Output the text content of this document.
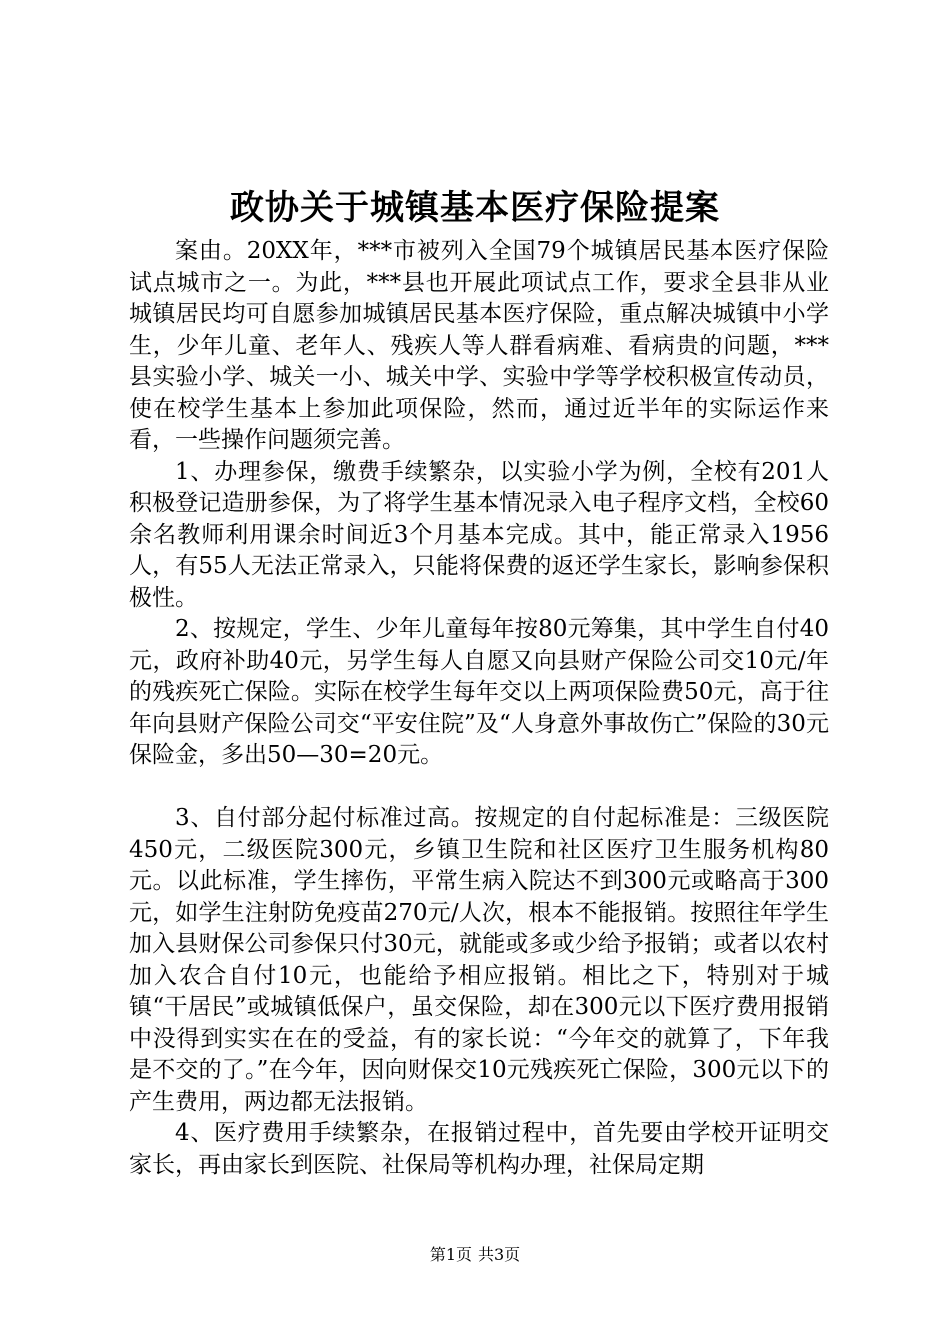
政协关于城镇基本医疗保险提案

案由。20XX年，***市被列入全国79个城镇居民基本医疗保险试点城市之一。为此，***县也开展此项试点工作，要求全县非从业城镇居民均可自愿参加城镇居民基本医疗保险，重点解决城镇中小学生，少年儿童、老年人、残疾人等人群看病难、看病贵的问题，***县实验小学、城关一小、城关中学、实验中学等学校积极宣传动员，使在校学生基本上参加此项保险，然而，通过近半年的实际运作来看，一些操作问题须完善。

1、办理参保，缴费手续繁杂，以实验小学为例，全校有201人积极登记造册参保，为了将学生基本情况录入电子程序文档，全校60余名教师利用课余时间近3个月基本完成。其中，能正常录入1956人，有55人无法正常录入，只能将保费的返还学生家长，影响参保积极性。

2、按规定，学生、少年儿童每年按80元筹集，其中学生自付40元，政府补助40元，另学生每人自愿又向县财产保险公司交10元/年的残疾死亡保险。实际在校学生每年交以上两项保险费50元，高于往年向县财产保险公司交“平安住院”及“人身意外事故伤亡”保险的30元保险金，多出50—30=20元。

3、自付部分起付标准过高。按规定的自付起标准是：三级医院450元，二级医院300元，乡镇卫生院和社区医疗卫生服务机构80元。以此标准，学生摔伤，平常生病入院达不到300元或略高于300元，如学生注射防免疫苗270元/人次，根本不能报销。按照往年学生加入县财保公司参保只付30元，就能或多或少给予报销；或者以农村加入农合自付10元，也能给予相应报销。相比之下，特别对于城镇“干居民”或城镇低保户，虽交保险，却在300元以下医疗费用报销中没得到实实在在的受益，有的家长说：“今年交的就算了，下年我是不交的了。”在今年，因向财保交10元残疾死亡保险，300元以下的产生费用，两边都无法报销。

4、医疗费用手续繁杂，在报销过程中，首先要由学校开证明交家长，再由家长到医院、社保局等机构办理，社保局定期

第1页 共3页
